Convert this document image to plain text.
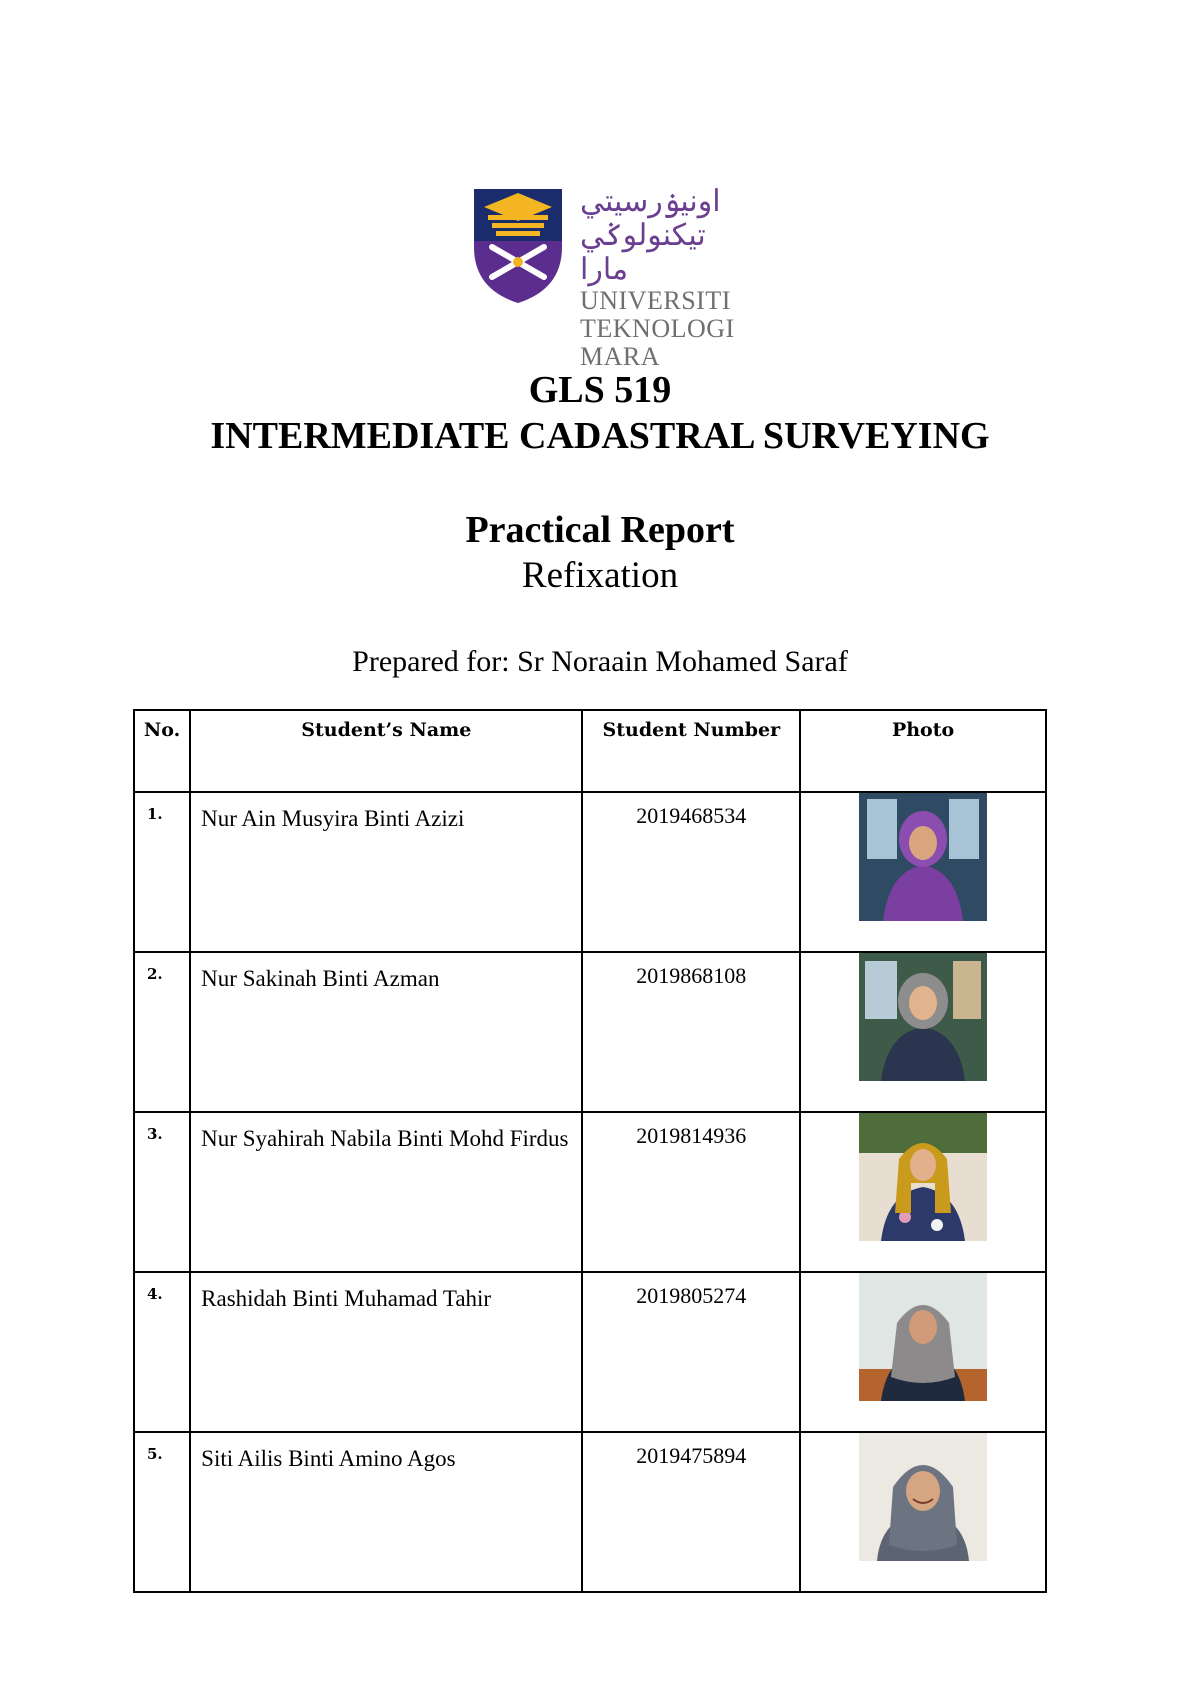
اونيۏرسيتي تيکنولوݢي مارا
UNIVERSITI
TEKNOLOGI
MARA
GLS 519
INTERMEDIATE CADASTRAL SURVEYING
Practical Report
Refixation
Prepared for: Sr Noraain Mohamed Saraf
No.	Student’s Name	Student Number	Photo
1.	Nur Ain Musyira Binti Azizi	2019468534	
2.	Nur Sakinah Binti Azman	2019868108	
3.	Nur Syahirah Nabila Binti Mohd Firdus	2019814936	
4.	Rashidah Binti Muhamad Tahir	2019805274	
5.	Siti Ailis Binti Amino Agos	2019475894	
